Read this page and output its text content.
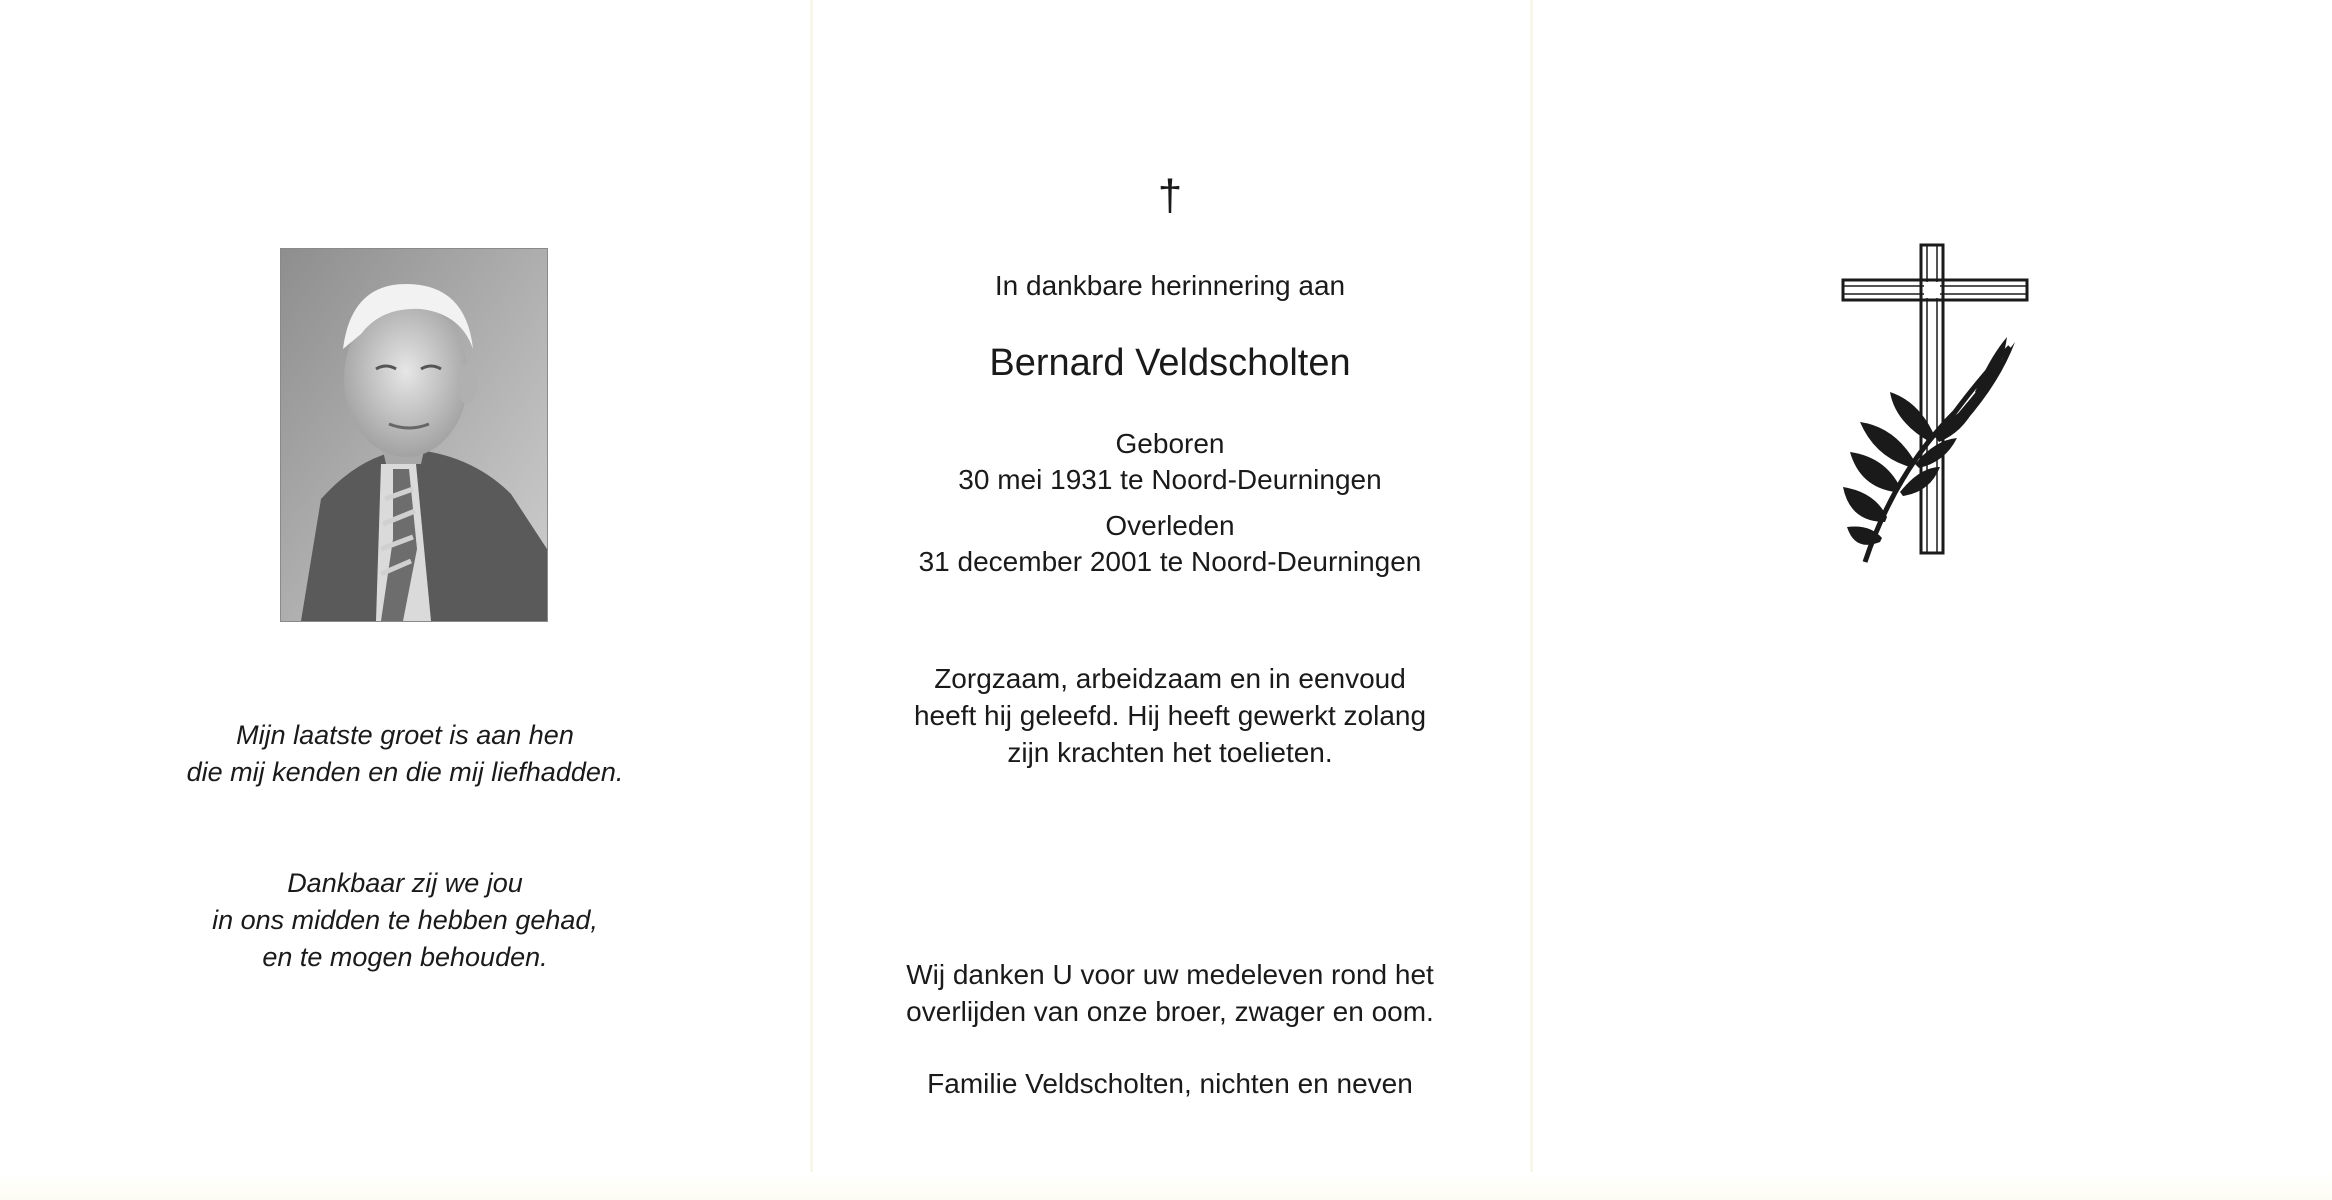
Mijn laatste groet is aan hen
die mij kenden en die mij liefhadden.
Dankbaar zij we jou
in ons midden te hebben gehad,
en te mogen behouden.
†
In dankbare herinnering aan
Bernard Veldscholten
Geboren
30 mei 1931 te Noord-Deurningen
Overleden
31 december 2001 te Noord-Deurningen
Zorgzaam, arbeidzaam en in eenvoud
heeft hij geleefd. Hij heeft gewerkt zolang
zijn krachten het toelieten.
Wij danken U voor uw medeleven rond het
overlijden van onze broer, zwager en oom.
Familie Veldscholten, nichten en neven
